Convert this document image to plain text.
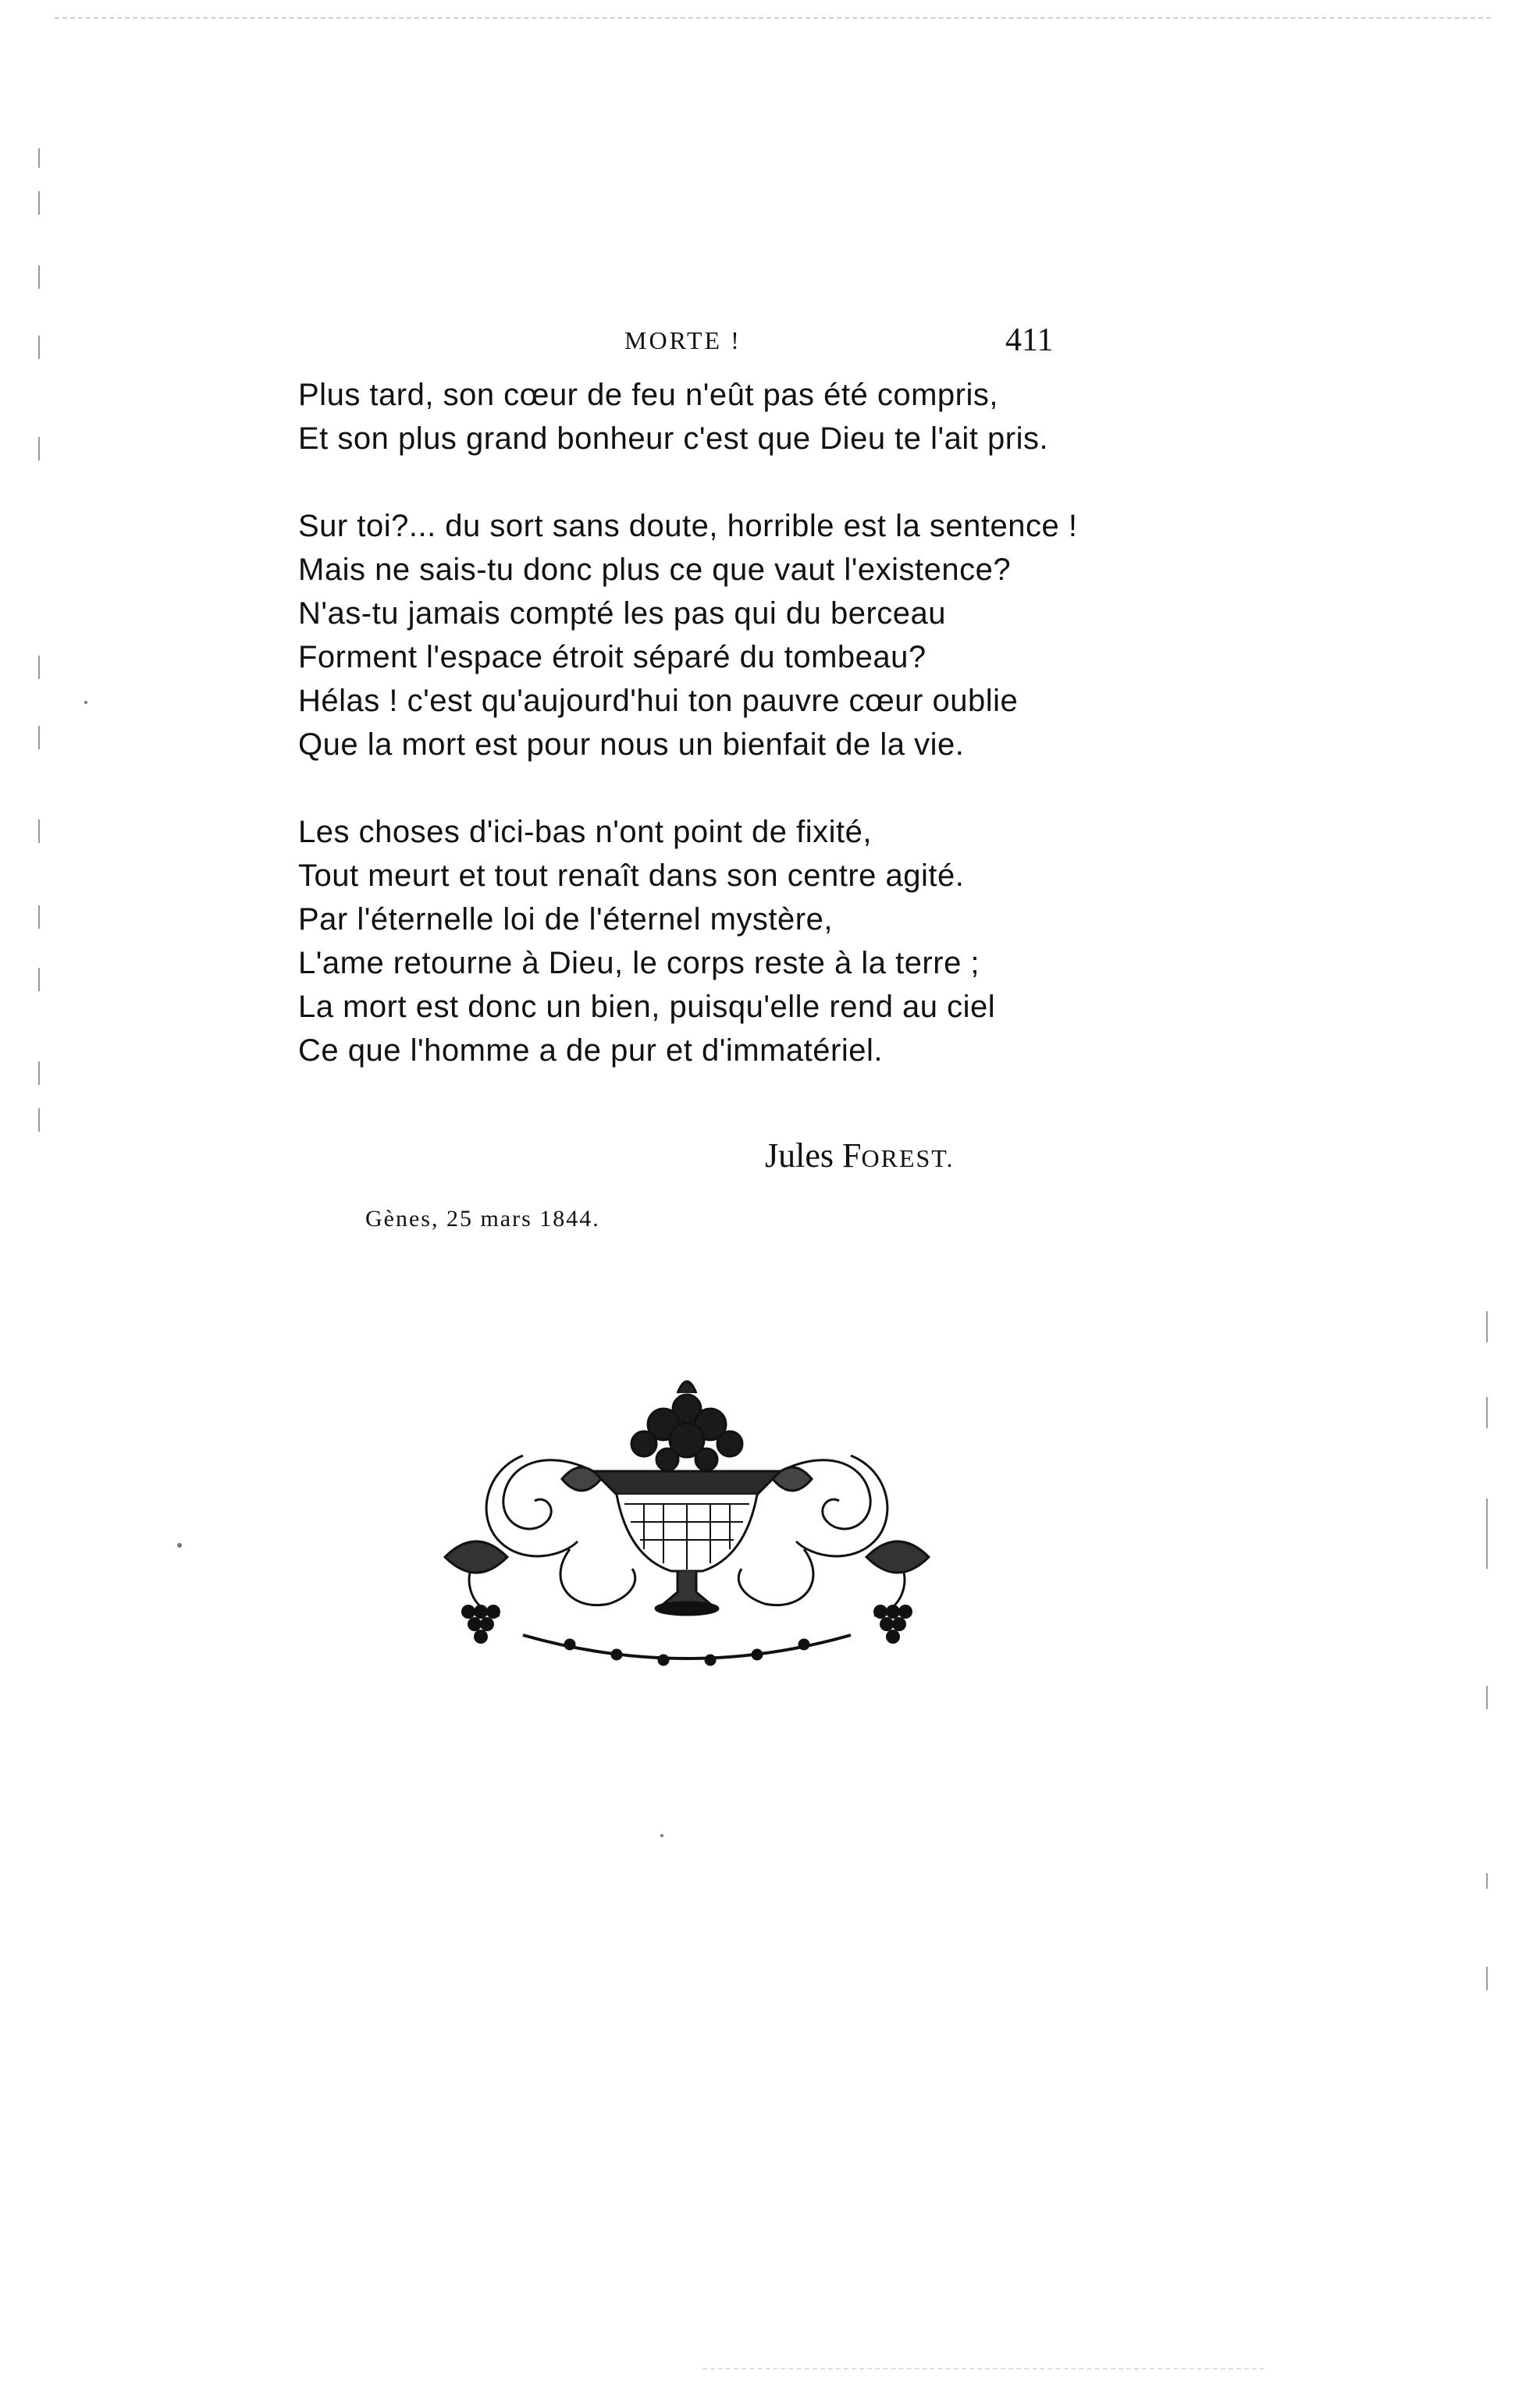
MORTE !	411

Plus tard, son cœur de feu n'eût pas été compris,
Et son plus grand bonheur c'est que Dieu te l'ait pris.

Sur toi?... du sort sans doute, horrible est la sentence !
Mais ne sais-tu donc plus ce que vaut l'existence?
N'as-tu jamais compté les pas qui du berceau
Forment l'espace étroit séparé du tombeau?
Hélas ! c'est qu'aujourd'hui ton pauvre cœur oublie
Que la mort est pour nous un bienfait de la vie.

Les choses d'ici-bas n'ont point de fixité,
Tout meurt et tout renaît dans son centre agité.
Par l'éternelle loi de l'éternel mystère,
L'ame retourne à Dieu, le corps reste à la terre ;
La mort est donc un bien, puisqu'elle rend au ciel
Ce que l'homme a de pur et d'immatériel.

Jules FOREST.
Gènes, 25 mars 1844.
